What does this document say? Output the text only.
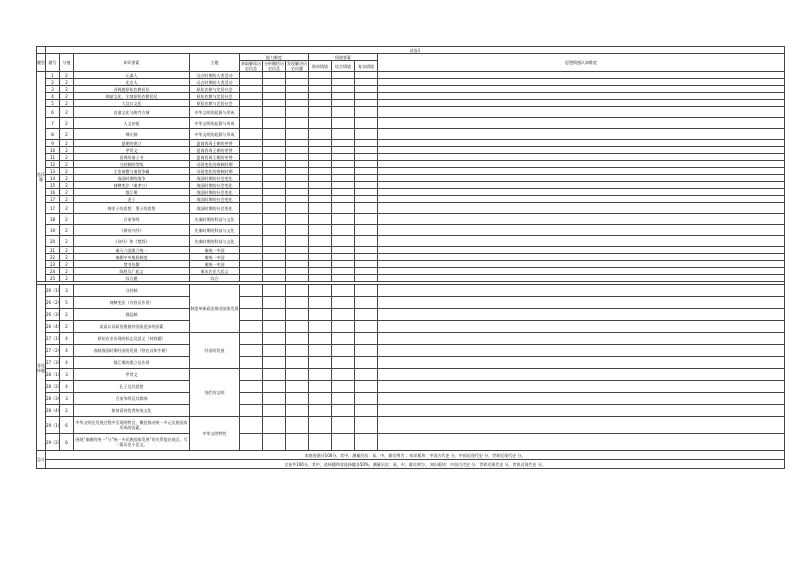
	试卷1										
题型	题号	分值	知识要素	主题	能力维度			情境要素			思想情感认知维度
					获取解读历史信息	分析概括历史信息	发现解决历史问题	简单情境	综合情境	复杂情境	
选择题	1	2	元谋人	远古时期的人类活动							
	2	2	北京人	远古时期的人类活动							
	3	2	河姆渡原始农耕居民	原始农耕与定居社会							
	4	2	仰韶文化、半坡原始农耕居民	原始农耕与定居社会							
	5	2	大汶口文化	原始农耕与定居社会							
	6	2	良渚文化与陶寺古城	中华文明的起源与形成							
	7	2	人文初祖	中华文明的起源与形成							
	8	2	禅让制	中华文明的起源与形成							
	9	2	夏朝的建立	夏商西周王朝的更替							
	10	2	甲骨文	夏商西周王朝的更替							
	11	2	西周的诸子书	夏商西周王朝的更替							
	12	2	分封制的等级	动荡变化的春秋时期							
	13	2	王室衰微与诸侯争霸	动荡变化的春秋时期							
	14	2	战国时期的战争	战国时期的社会变化							
	15	2	商鞅变法（秦孝公）	战国时期的社会变化							
	16	2	都江堰	战国时期的社会变化							
	17	2	老子	战国时期的社会变化							
	17	2	韩非子的思想：墨子的思想	战国时期的社会变化							
	18	2	百家争鸣	先秦时期的科技与文化							
	19	2	《黄帝内经》	先秦时期的科技与文化							
	20	2	《诗经》和《楚辞》	先秦时期的科技与文化							
	21	2	秦灭六国建立统一	秦统一中国							
	22	2	秦朝中央集权制度	秦统一中国							
	23	2	焚书坑儒	秦统一中国							
	24	2	陈胜吴广起义	秦末农民大起义							
	25	2	综合题	综合							

非选择题	26（1）	3	分封制	制度革新政治推动国家发展							
	26（2）	5	商鞅变法（内容及作用）								
	26（3）	2	郡县制								
	26（4）	2	谈谈认识政治措施对国家进步的因素								
	27（1）	4	原始农业出现的标志及意义（材料题）	经济的发展							
	27（2）	4	春秋战国时期经济的发展（铁农具和牛耕）								
	27（3）	4	都江堰的建立及作用								
	28（1）	3	甲骨文	灿烂的文明							
	28（2）	4	孔子及其思想								
	28（3）	3	百家争鸣及其影响								
	28（4）	2	如何看待优秀传统文化								
	29（1）	6	中华文明在发展过程中呈现的特点，概括推动统一多元民族国家形成的因素。	中华文明特性							
	29（2）	6	围绕“秦朝的统一”与“统一多民族国家发展”的关系提出观点，写一篇历史小论文。								
总计	本套卷满分100分，其中，测量层次：易、中、难比例为 ；知识板块：中国古代史 分，中国近现代史 分，世界近现代史 分。										
	全卷共100分，其中，选择题和非选择题各50%，测量层次：易、中、难比例为 ，知识板块：中国古代史 分，世界近现代史 分，世界近现代史 分。										
